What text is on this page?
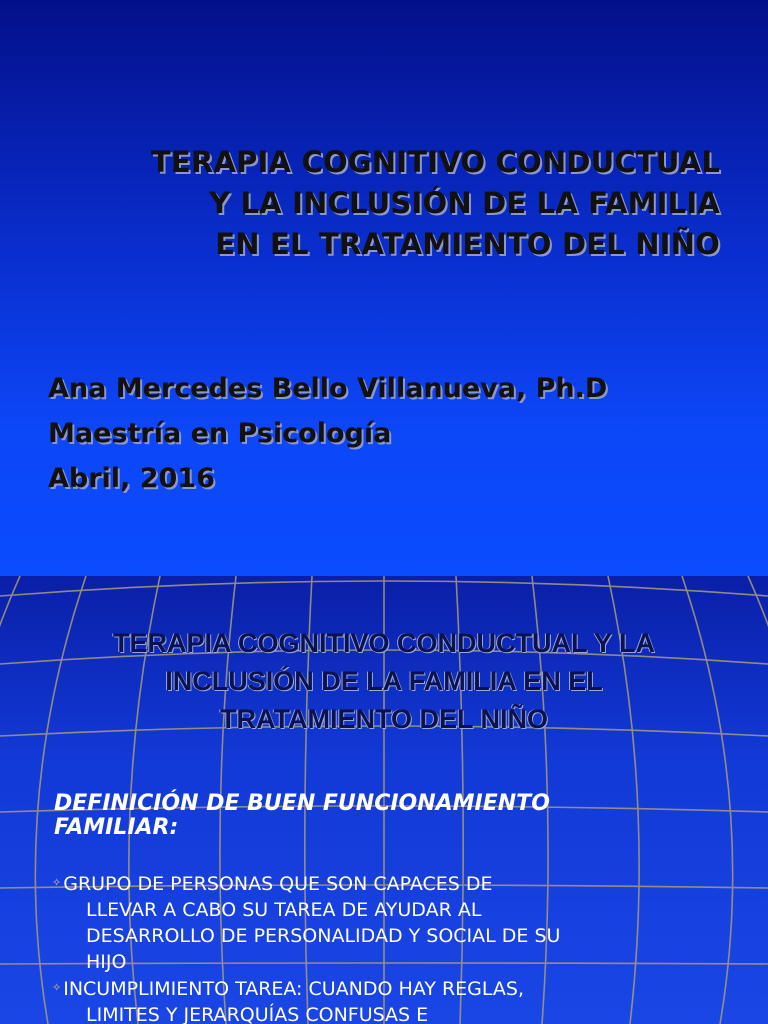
TERAPIA COGNITIVO CONDUCTUAL
Y LA INCLUSIÓN DE LA FAMILIA
EN EL TRATAMIENTO DEL NIÑO
Ana Mercedes Bello Villanueva, Ph.D
Maestría en Psicología
Abril, 2016
TERAPIA COGNITIVO CONDUCTUAL Y LA
INCLUSIÓN DE LA FAMILIA EN EL
TRATAMIENTO DEL NIÑO
DEFINICIÓN DE BUEN FUNCIONAMIENTO
FAMILIAR:
✧ GRUPO DE PERSONAS QUE SON CAPACES DE
LLEVAR A CABO SU TAREA DE AYUDAR AL
DESARROLLO DE PERSONALIDAD Y SOCIAL DE SU
HIJO
✧ INCUMPLIMIENTO TAREA: CUANDO HAY REGLAS,
LIMITES Y JERARQUÍAS CONFUSAS E
